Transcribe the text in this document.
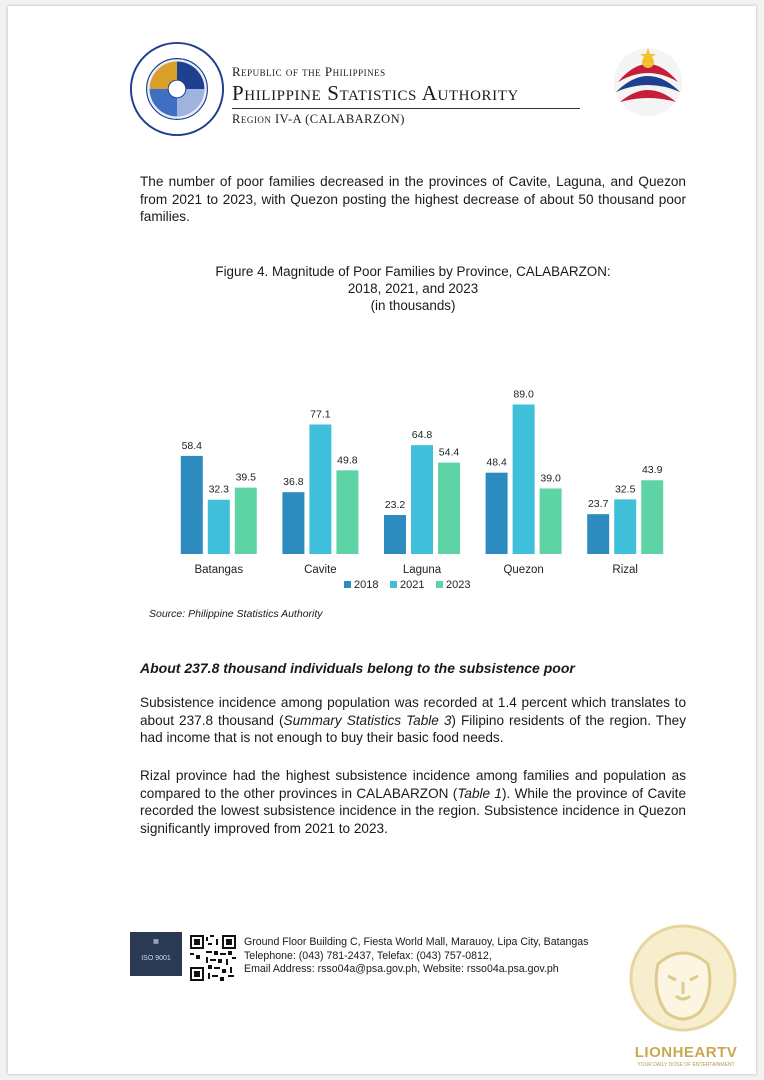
Republic of the Philippines
Philippine Statistics Authority
Region IV-A (CALABARZON)
The number of poor families decreased in the provinces of Cavite, Laguna, and Quezon from 2021 to 2023, with Quezon posting the highest decrease of about 50 thousand poor families.
Figure 4. Magnitude of Poor Families by Province, CALABARZON:
2018, 2021, and 2023
(in thousands)
58.4
32.3
39.5
Batangas
36.8
77.1
49.8
Cavite
23.2
64.8
54.4
Laguna
48.4
89.0
39.0
Quezon
23.7
32.5
43.9
Rizal
2018 2021 2023
Source: Philippine Statistics Authority
About 237.8 thousand individuals belong to the subsistence poor
Subsistence incidence among population was recorded at 1.4 percent which translates to about 237.8 thousand (Summary Statistics Table 3) Filipino residents of the region. They had income that is not enough to buy their basic food needs.
Rizal province had the highest subsistence incidence among families and population as compared to the other provinces in CALABARZON (Table 1). While the province of Cavite recorded the lowest subsistence incidence in the region. Subsistence incidence in Quezon significantly improved from 2021 to 2023.
▦
ISO 9001
Ground Floor Building C, Fiesta World Mall, Marauoy, Lipa City, Batangas
Telephone: (043) 781-2437, Telefax: (043) 757-0812,
Email Address: rsso04a@psa.gov.ph, Website: rsso04a.psa.gov.ph
LIONHEARTV
YOUR DAILY DOSE OF ENTERTAINMENT
